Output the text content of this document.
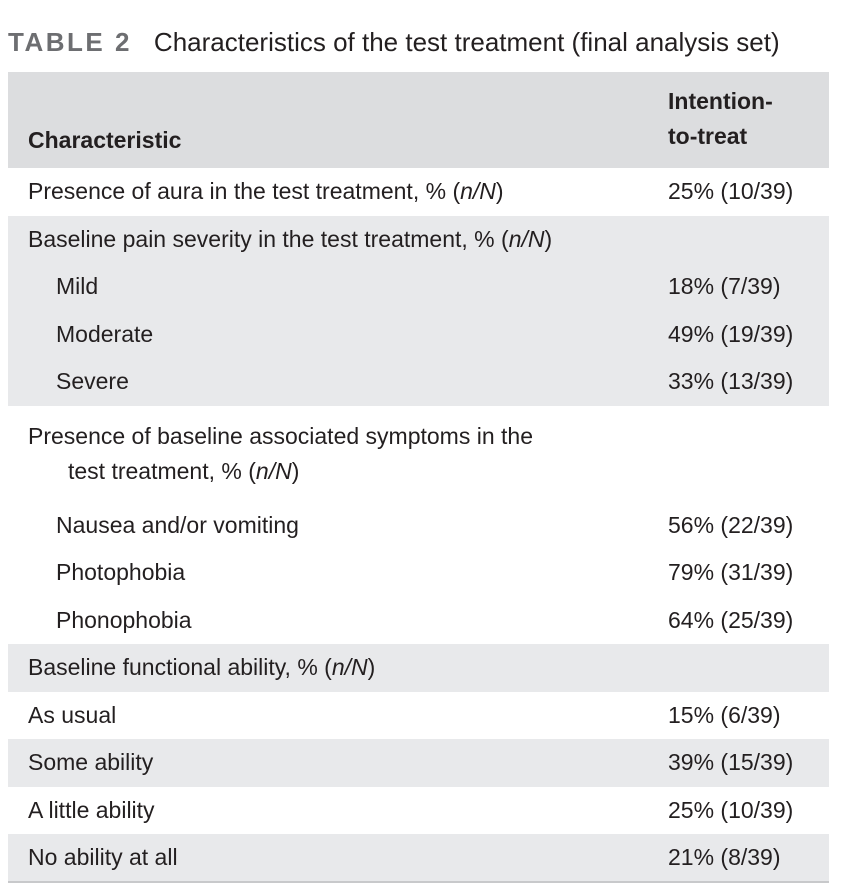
TABLE 2 Characteristics of the test treatment (final analysis set)
Characteristic	Intention-
to-treat
Presence of aura in the test treatment, % (n/N)	25% (10/39)
Baseline pain severity in the test treatment, % (n/N)	
Mild	18% (7/39)
Moderate	49% (19/39)
Severe	33% (13/39)
Presence of baseline associated symptoms in the
test treatment, % (n/N)	

Nausea and/or vomiting	56% (22/39)
Photophobia	79% (31/39)
Phonophobia	64% (25/39)
Baseline functional ability, % (n/N)	
As usual	15% (6/39)
Some ability	39% (15/39)
A little ability	25% (10/39)
No ability at all	21% (8/39)
